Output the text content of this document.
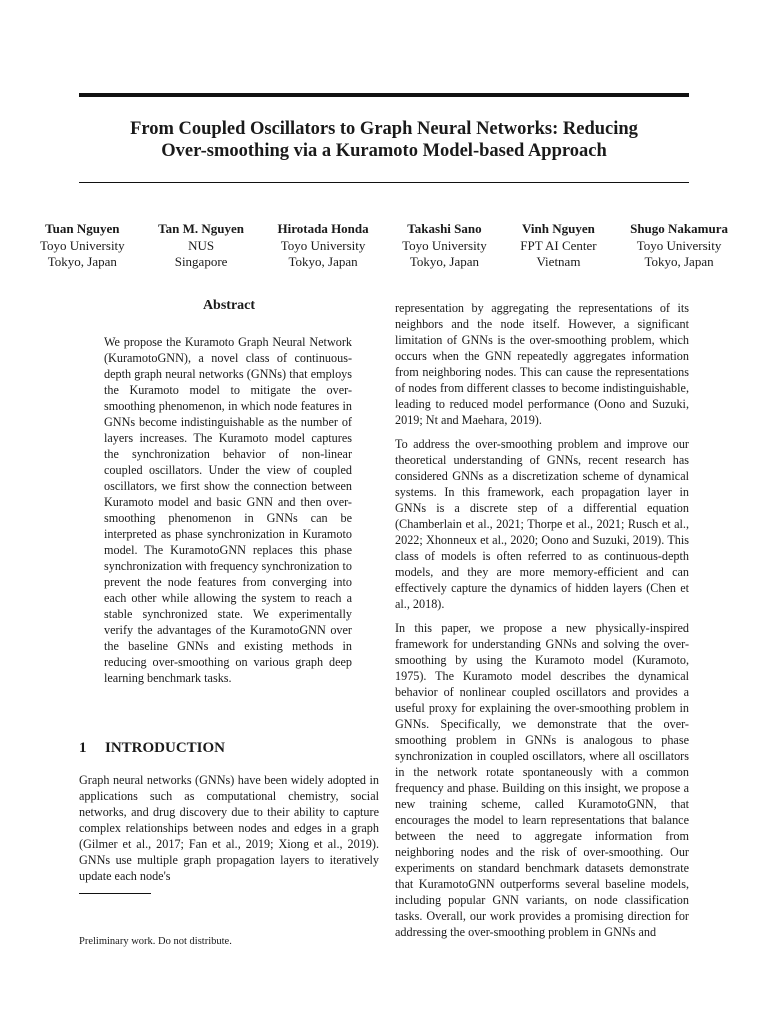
From Coupled Oscillators to Graph Neural Networks: Reducing
Over-smoothing via a Kuramoto Model-based Approach
Tuan Nguyen
Toyo University
Tokyo, Japan
Tan M. Nguyen
NUS
Singapore
Hirotada Honda
Toyo University
Tokyo, Japan
Takashi Sano
Toyo University
Tokyo, Japan
Vinh Nguyen
FPT AI Center
Vietnam
Shugo Nakamura
Toyo University
Tokyo, Japan
Abstract

We propose the Kuramoto Graph Neural Network (KuramotoGNN), a novel class of continuous-depth graph neural networks (GNNs) that employs the Kuramoto model to mitigate the over-smoothing phenomenon, in which node features in GNNs become indistinguishable as the number of layers increases. The Kuramoto model captures the synchronization behavior of non-linear coupled oscillators. Under the view of coupled oscillators, we first show the connection between Kuramoto model and basic GNN and then over-smoothing phenomenon in GNNs can be interpreted as phase synchronization in Kuramoto model. The KuramotoGNN replaces this phase synchronization with frequency synchronization to prevent the node features from converging into each other while allowing the system to reach a stable synchronized state. We experimentally verify the advantages of the KuramotoGNN over the baseline GNNs and existing methods in reducing over-smoothing on various graph deep learning benchmark tasks.

1 INTRODUCTION

Graph neural networks (GNNs) have been widely adopted in applications such as computational chemistry, social networks, and drug discovery due to their ability to capture complex relationships between nodes and edges in a graph (Gilmer et al., 2017; Fan et al., 2019; Xiong et al., 2019). GNNs use multiple graph propagation layers to iteratively update each node's

Preliminary work. Do not distribute.

representation by aggregating the representations of its neighbors and the node itself. However, a significant limitation of GNNs is the over-smoothing problem, which occurs when the GNN repeatedly aggregates information from neighboring nodes. This can cause the representations of nodes from different classes to become indistinguishable, leading to reduced model performance (Oono and Suzuki, 2019; Nt and Maehara, 2019).

To address the over-smoothing problem and improve our theoretical understanding of GNNs, recent research has considered GNNs as a discretization scheme of dynamical systems. In this framework, each propagation layer in GNNs is a discrete step of a differential equation (Chamberlain et al., 2021; Thorpe et al., 2021; Rusch et al., 2022; Xhonneux et al., 2020; Oono and Suzuki, 2019). This class of models is often referred to as continuous-depth models, and they are more memory-efficient and can effectively capture the dynamics of hidden layers (Chen et al., 2018).

In this paper, we propose a new physically-inspired framework for understanding GNNs and solving the over-smoothing by using the Kuramoto model (Kuramoto, 1975). The Kuramoto model describes the dynamical behavior of nonlinear coupled oscillators and provides a useful proxy for explaining the over-smoothing problem in GNNs. Specifically, we demonstrate that the over-smoothing problem in GNNs is analogous to phase synchronization in coupled oscillators, where all oscillators in the network rotate spontaneously with a common frequency and phase. Building on this insight, we propose a new training scheme, called KuramotoGNN, that encourages the model to learn representations that balance between the need to aggregate information from neighboring nodes and the risk of over-smoothing. Our experiments on standard benchmark datasets demonstrate that KuramotoGNN outperforms several baseline models, including popular GNN variants, on node classification tasks. Overall, our work provides a promising direction for addressing the over-smoothing problem in GNNs and
